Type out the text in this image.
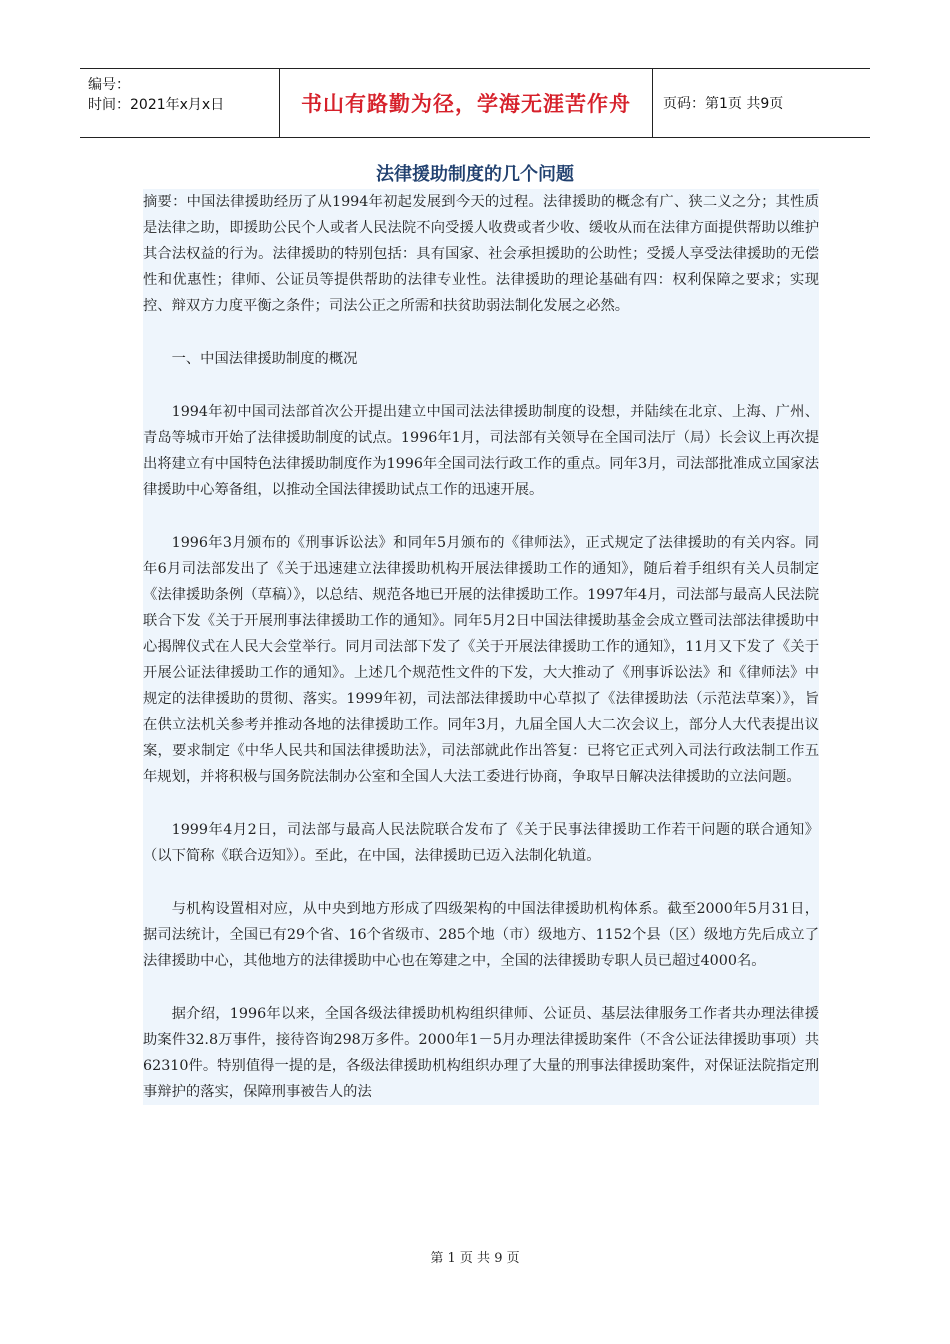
编号：
时间：2021年x月x日	书山有路勤为径，学海无涯苦作舟 页码：第1页 共9页
法律援助制度的几个问题

摘要：中国法律援助经历了从1994年初起发展到今天的过程。法律援助的概念有广、狭二义之分；其性质是法律之助，即援助公民个人或者人民法院不向受援人收费或者少收、缓收从而在法律方面提供帮助以维护其合法权益的行为。法律援助的特别包括：具有国家、社会承担援助的公助性；受援人享受法律援助的无偿性和优惠性；律师、公证员等提供帮助的法律专业性。法律援助的理论基础有四：权利保障之要求；实现控、辩双方力度平衡之条件；司法公正之所需和扶贫助弱法制化发展之必然。

一、中国法律援助制度的概况

1994年初中国司法部首次公开提出建立中国司法法律援助制度的设想，并陆续在北京、上海、广州、青岛等城市开始了法律援助制度的试点。1996年1月，司法部有关领导在全国司法厅（局）长会议上再次提出将建立有中国特色法律援助制度作为1996年全国司法行政工作的重点。同年3月，司法部批准成立国家法律援助中心筹备组，以推动全国法律援助试点工作的迅速开展。

1996年3月颁布的《刑事诉讼法》和同年5月颁布的《律师法》，正式规定了法律援助的有关内容。同年6月司法部发出了《关于迅速建立法律援助机构开展法律援助工作的通知》，随后着手组织有关人员制定《法律援助条例（草稿）》，以总结、规范各地已开展的法律援助工作。1997年4月，司法部与最高人民法院联合下发《关于开展刑事法律援助工作的通知》。同年5月2日中国法律援助基金会成立暨司法部法律援助中心揭牌仪式在人民大会堂举行。同月司法部下发了《关于开展法律援助工作的通知》，11月又下发了《关于开展公证法律援助工作的通知》。上述几个规范性文件的下发，大大推动了《刑事诉讼法》和《律师法》中规定的法律援助的贯彻、落实。1999年初，司法部法律援助中心草拟了《法律援助法（示范法草案）》，旨在供立法机关参考并推动各地的法律援助工作。同年3月，九届全国人大二次会议上，部分人大代表提出议案，要求制定《中华人民共和国法律援助法》，司法部就此作出答复：已将它正式列入司法行政法制工作五年规划，并将积极与国务院法制办公室和全国人大法工委进行协商，争取早日解决法律援助的立法问题。

1999年4月2日，司法部与最高人民法院联合发布了《关于民事法律援助工作若干问题的联合通知》（以下简称《联合迈知》）。至此，在中国，法律援助已迈入法制化轨道。

与机构设置相对应，从中央到地方形成了四级架构的中国法律援助机构体系。截至2000年5月31日，据司法统计，全国已有29个省、16个省级市、285个地（市）级地方、1152个县（区）级地方先后成立了法律援助中心，其他地方的法律援助中心也在筹建之中，全国的法律援助专职人员已超过4000名。

据介绍，1996年以来，全国各级法律援助机构组织律师、公证员、基层法律服务工作者共办理法律援助案件32.8万事件，接待咨询298万多件。2000年1－5月办理法律援助案件（不含公证法律援助事项）共62310件。特别值得一提的是，各级法律援助机构组织办理了大量的刑事法律援助案件，对保证法院指定刑事辩护的落实，保障刑事被告人的法

第 1 页 共 9 页
